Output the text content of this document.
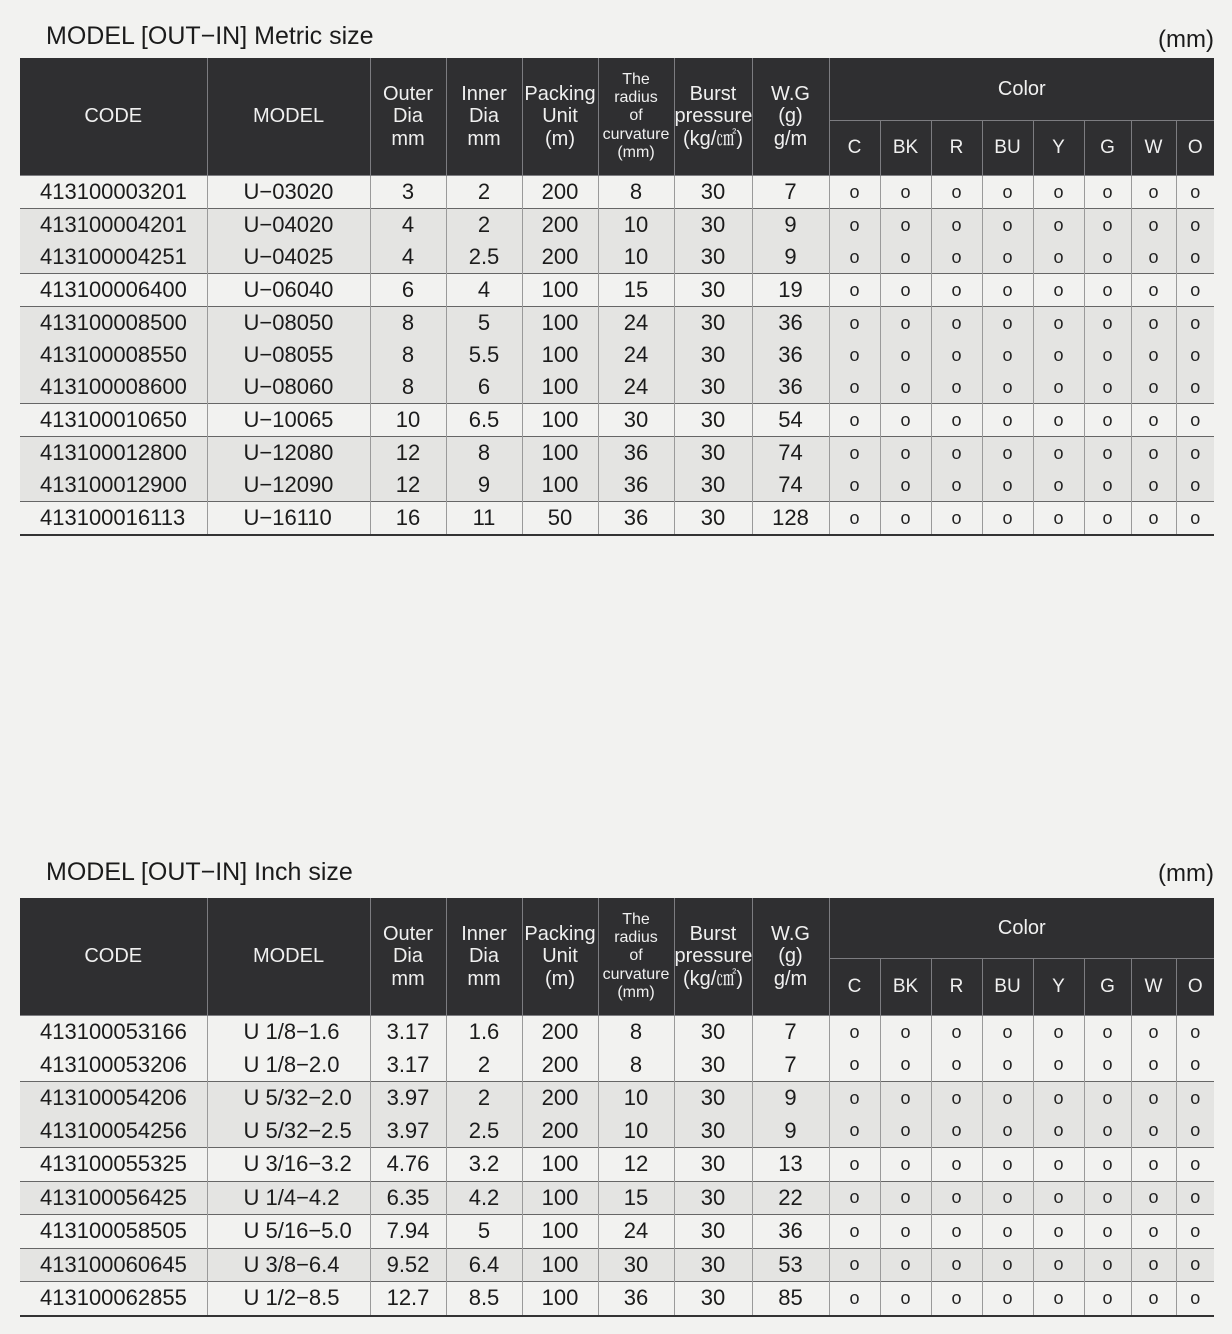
MODEL [OUT−IN] Metric size	(mm)
CODE	MODEL	Outer
Dia
mm	Inner
Dia
mm	Packing
Unit
(m)	The radius
of
curvature
(mm)	Burst
pressure
(kg/㎠)	W.G
(g)
g/m	Color							
								C	BK	R	BU	Y	G	W	O
413100003201	U−03020	3	2	200	8	30	7	o	o	o	o	o	o	o	o
413100004201	U−04020	4	2	200	10	30	9	o	o	o	o	o	o	o	o
413100004251	U−04025	4	2.5	200	10	30	9	o	o	o	o	o	o	o	o
413100006400	U−06040	6	4	100	15	30	19	o	o	o	o	o	o	o	o
413100008500	U−08050	8	5	100	24	30	36	o	o	o	o	o	o	o	o
413100008550	U−08055	8	5.5	100	24	30	36	o	o	o	o	o	o	o	o
413100008600	U−08060	8	6	100	24	30	36	o	o	o	o	o	o	o	o
413100010650	U−10065	10	6.5	100	30	30	54	o	o	o	o	o	o	o	o
413100012800	U−12080	12	8	100	36	30	74	o	o	o	o	o	o	o	o
413100012900	U−12090	12	9	100	36	30	74	o	o	o	o	o	o	o	o
413100016113	U−16110	16	11	50	36	30	128	o	o	o	o	o	o	o	o
MODEL [OUT−IN] Inch size	(mm)
CODE	MODEL	Outer
Dia
mm	Inner
Dia
mm	Packing
Unit
(m)	The radius
of
curvature
(mm)	Burst
pressure
(kg/㎠)	W.G
(g)
g/m	Color							
								C	BK	R	BU	Y	G	W	O
413100053166	U 1/8−1.6	3.17	1.6	200	8	30	7	o	o	o	o	o	o	o	o
413100053206	U 1/8−2.0	3.17	2	200	8	30	7	o	o	o	o	o	o	o	o
413100054206	U 5/32−2.0	3.97	2	200	10	30	9	o	o	o	o	o	o	o	o
413100054256	U 5/32−2.5	3.97	2.5	200	10	30	9	o	o	o	o	o	o	o	o
413100055325	U 3/16−3.2	4.76	3.2	100	12	30	13	o	o	o	o	o	o	o	o
413100056425	U 1/4−4.2	6.35	4.2	100	15	30	22	o	o	o	o	o	o	o	o
413100058505	U 5/16−5.0	7.94	5	100	24	30	36	o	o	o	o	o	o	o	o
413100060645	U 3/8−6.4	9.52	6.4	100	30	30	53	o	o	o	o	o	o	o	o
413100062855	U 1/2−8.5	12.7	8.5	100	36	30	85	o	o	o	o	o	o	o	o
